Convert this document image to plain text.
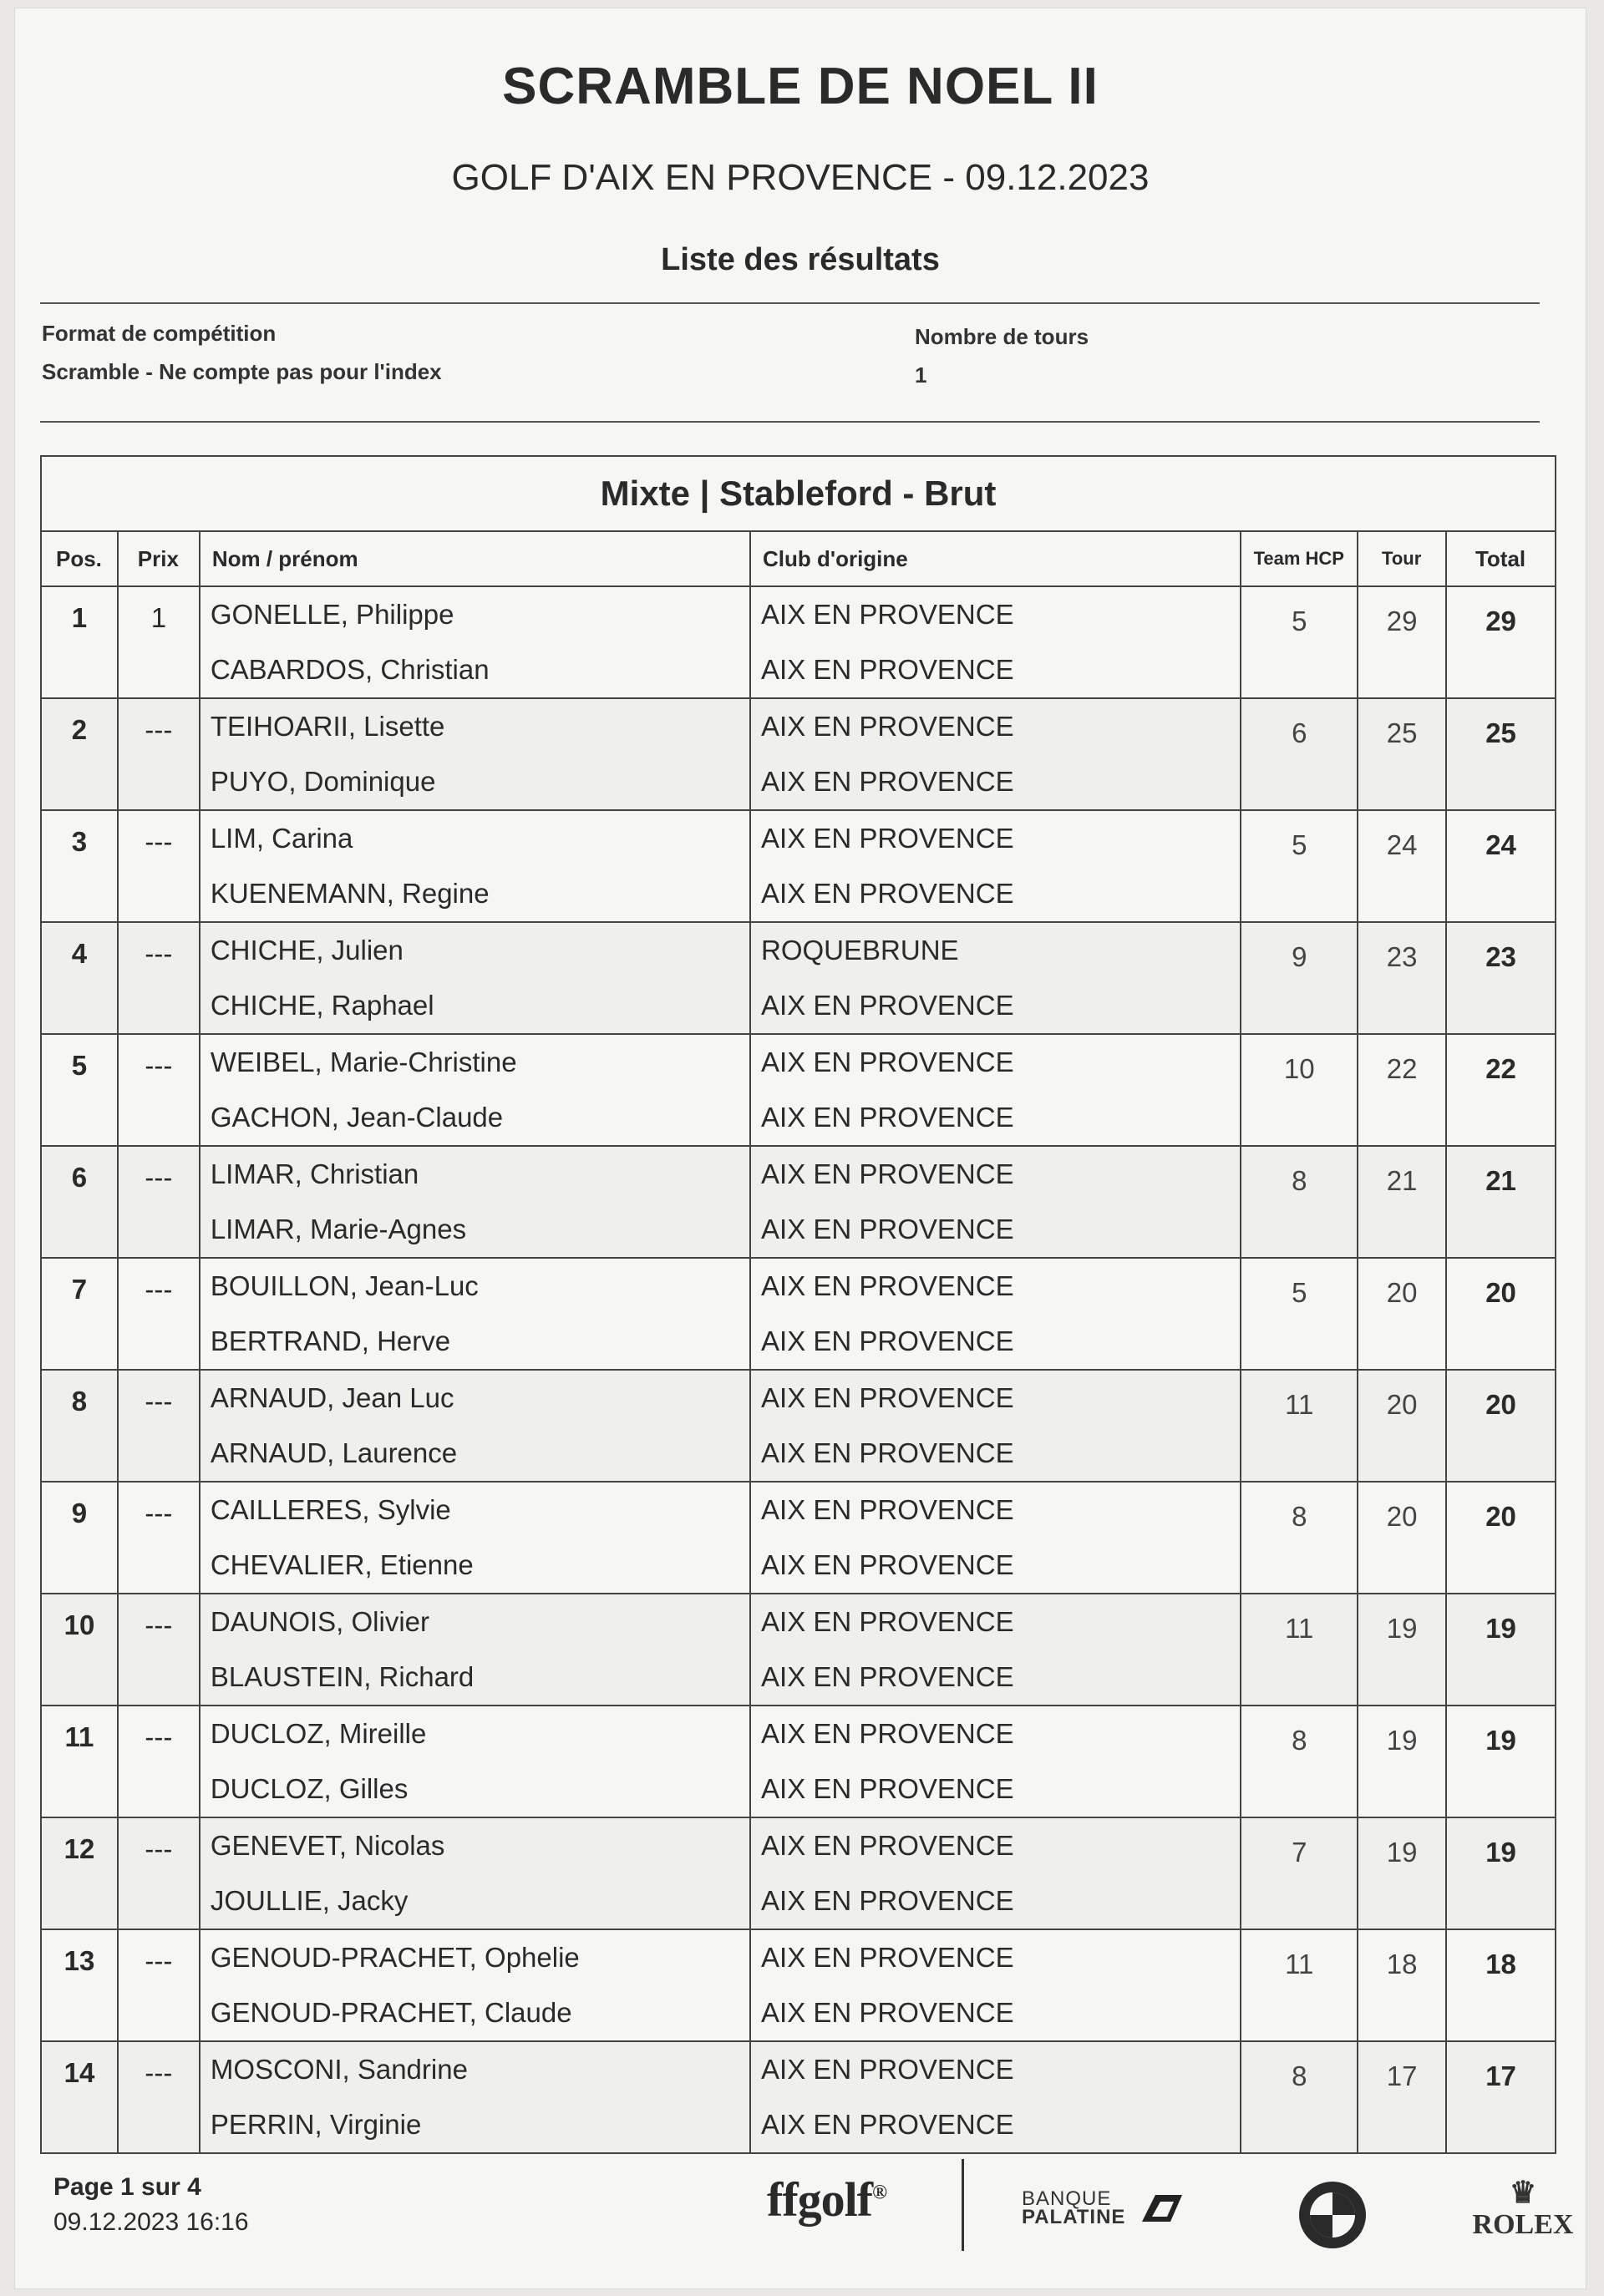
SCRAMBLE DE NOEL II
GOLF D'AIX EN PROVENCE - 09.12.2023
Liste des résultats
Format de compétition
Scramble - Ne compte pas pour l'index
Nombre de tours
1
Mixte | Stableford - Brut						
Pos.	Prix	Nom / prénom	Club d'origine	Team HCP	Tour	Total
1	1	GONELLE, Philippe	AIX EN PROVENCE	5	29	29
		CABARDOS, Christian	AIX EN PROVENCE			
2	---	TEIHOARII, Lisette	AIX EN PROVENCE	6	25	25
		PUYO, Dominique	AIX EN PROVENCE			
3	---	LIM, Carina	AIX EN PROVENCE	5	24	24
		KUENEMANN, Regine	AIX EN PROVENCE			
4	---	CHICHE, Julien	ROQUEBRUNE	9	23	23
		CHICHE, Raphael	AIX EN PROVENCE			
5	---	WEIBEL, Marie-Christine	AIX EN PROVENCE	10	22	22
		GACHON, Jean-Claude	AIX EN PROVENCE			
6	---	LIMAR, Christian	AIX EN PROVENCE	8	21	21
		LIMAR, Marie-Agnes	AIX EN PROVENCE			
7	---	BOUILLON, Jean-Luc	AIX EN PROVENCE	5	20	20
		BERTRAND, Herve	AIX EN PROVENCE			
8	---	ARNAUD, Jean Luc	AIX EN PROVENCE	11	20	20
		ARNAUD, Laurence	AIX EN PROVENCE			
9	---	CAILLERES, Sylvie	AIX EN PROVENCE	8	20	20
		CHEVALIER, Etienne	AIX EN PROVENCE			
10	---	DAUNOIS, Olivier	AIX EN PROVENCE	11	19	19
		BLAUSTEIN, Richard	AIX EN PROVENCE			
11	---	DUCLOZ, Mireille	AIX EN PROVENCE	8	19	19
		DUCLOZ, Gilles	AIX EN PROVENCE			
12	---	GENEVET, Nicolas	AIX EN PROVENCE	7	19	19
		JOULLIE, Jacky	AIX EN PROVENCE			
13	---	GENOUD-PRACHET, Ophelie	AIX EN PROVENCE	11	18	18
		GENOUD-PRACHET, Claude	AIX EN PROVENCE			
14	---	MOSCONI, Sandrine	AIX EN PROVENCE	8	17	17
		PERRIN, Virginie	AIX EN PROVENCE			
Page 1 sur 4
09.12.2023 16:16	ffgolf®	BANQUE
PALATINE

♛
ROLEX
